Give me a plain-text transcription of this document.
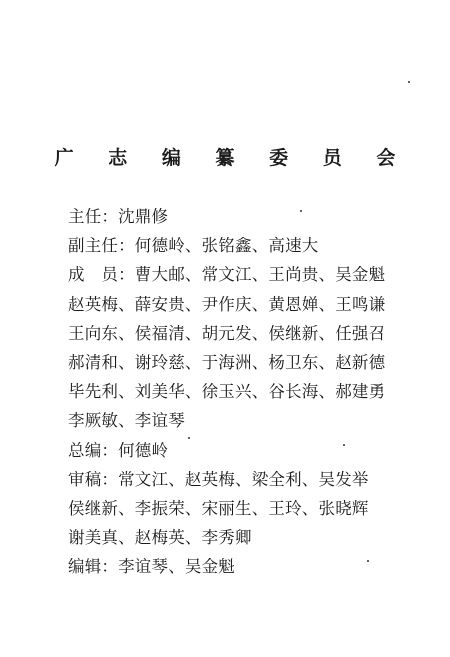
广 志 编 纂 委 员 会
主任：沈鼎修
副主任：何德岭、张铭鑫、高速大
成　员：曹大邮、常文江、王尚贵、吴金魁
赵英梅、薛安贵、尹作庆、黄恩婵、王鸣谦
王向东、侯福清、胡元发、侯继新、任强召
郝清和、谢玲慈、于海洲、杨卫东、赵新德
毕先利、刘美华、徐玉兴、谷长海、郝建勇
李厥敏、李谊琴
总编：何德岭
审稿：常文江、赵英梅、梁全利、吴发举
侯继新、李振荣、宋丽生、王玲、张晓辉
谢美真、赵梅英、李秀卿
编辑：李谊琴、吴金魁
